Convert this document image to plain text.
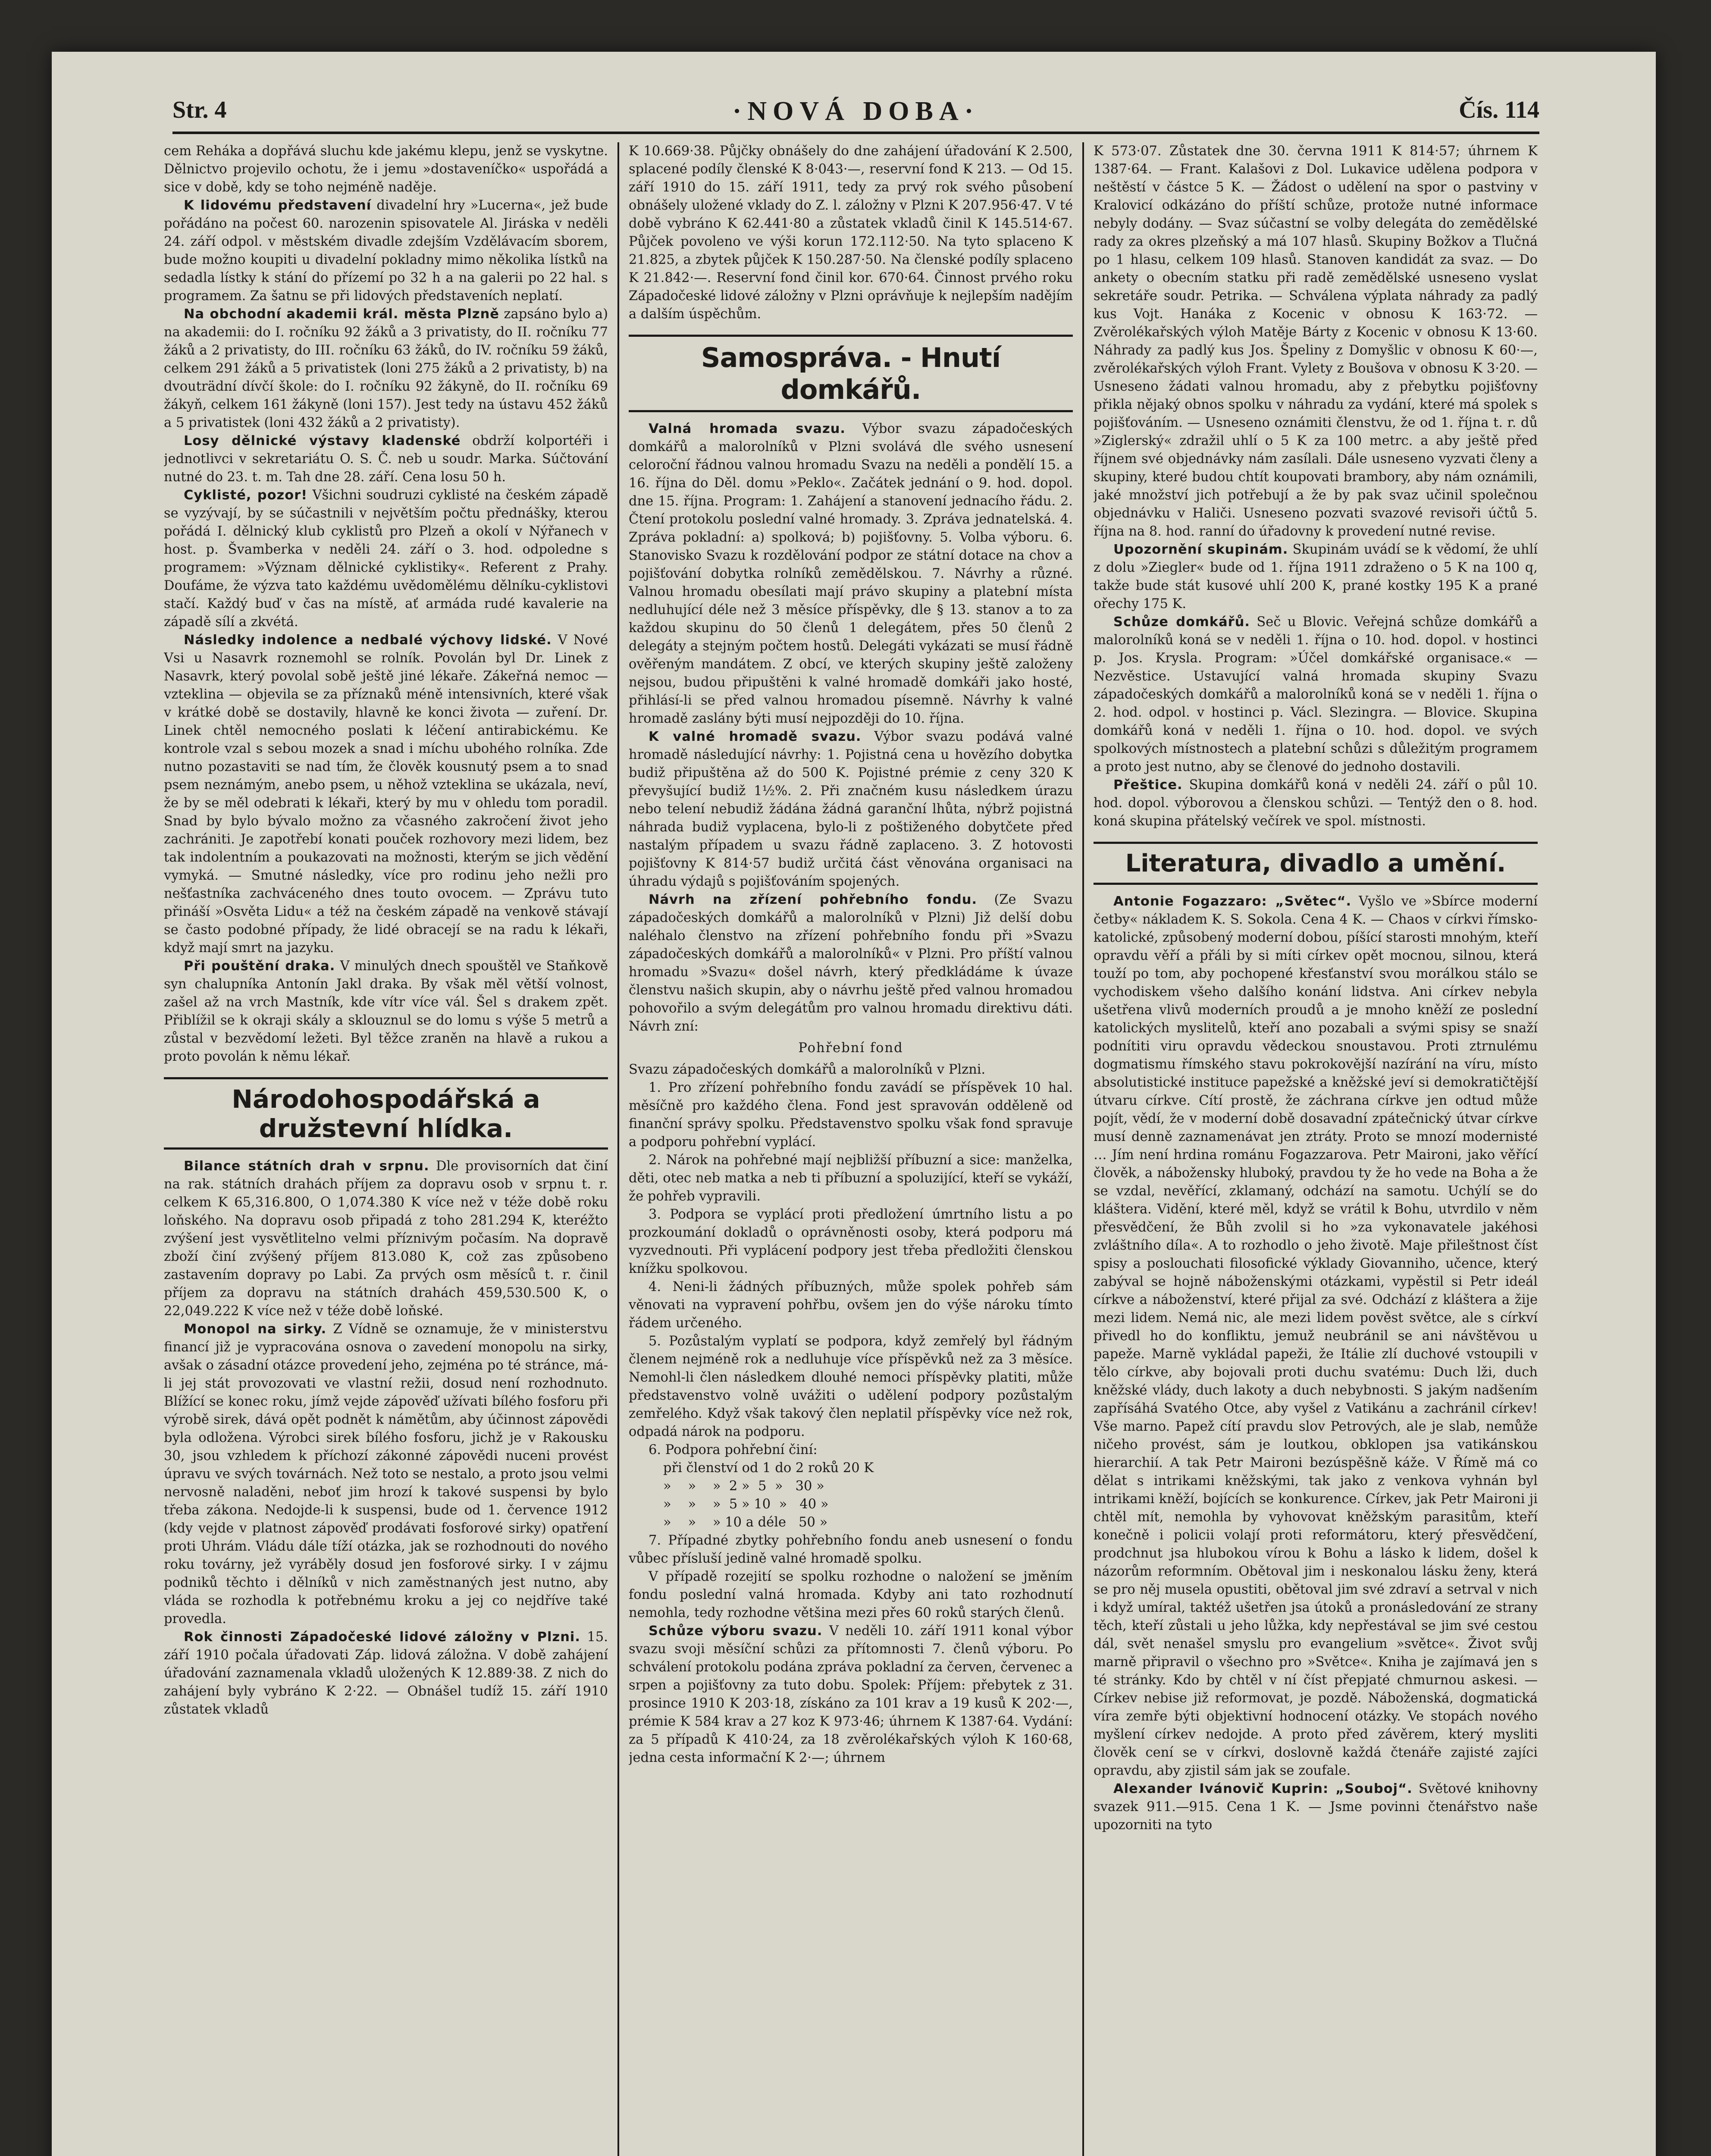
Str. 4	·NOVÁ DOBA·	Čís. 114

cem Reháka a dopřává sluchu kde jakému klepu, jenž se vyskytne. Dělnictvo projevilo ochotu, že i jemu »dostaveníčko« uspořádá a sice v době, kdy se toho nejméně naděje.

K lidovému představení divadelní hry »Lucerna«, jež bude pořádáno na počest 60. narozenin spisovatele Al. Jiráska v neděli 24. září odpol. v městském divadle zdejším Vzdělávacím sborem, bude možno koupiti u divadelní pokladny mimo několika lístků na sedadla lístky k stání do přízemí po 32 h a na galerii po 22 hal. s programem. Za šatnu se při lidových představeních neplatí.

Na obchodní akademii král. města Plzně zapsáno bylo a) na akademii: do I. ročníku 92 žáků a 3 privatisty, do II. ročníku 77 žáků a 2 privatisty, do III. ročníku 63 žáků, do IV. ročníku 59 žáků, celkem 291 žáků a 5 privatistek (loni 275 žáků a 2 privatisty, b) na dvouträdní dívčí škole: do I. ročníku 92 žákyně, do II. ročníku 69 žákyň, celkem 161 žákyně (loni 157). Jest tedy na ústavu 452 žáků a 5 privatistek (loni 432 žáků a 2 privatisty).

Losy dělnické výstavy kladenské obdrží kolportéři i jednotlivci v sekretariátu O. S. Č. neb u soudr. Marka. Súčtování nutné do 23. t. m. Tah dne 28. září. Cena losu 50 h.

Cyklisté, pozor! Všichni soudruzi cyklisté na českém západě se vyzývají, by se súčastnili v největším počtu přednášky, kterou pořádá I. dělnický klub cyklistů pro Plzeň a okolí v Nýřanech v host. p. Švamberka v neděli 24. září o 3. hod. odpoledne s programem: »Význam dělnické cyklistiky«. Referent z Prahy. Doufáme, že výzva tato každému uvědomělému dělníku-cyklistovi stačí. Každý buď v čas na místě, ať armáda rudé kavalerie na západě sílí a zkvétá.

Následky indolence a nedbalé výchovy lidské. V Nové Vsi u Nasavrk roznemohl se rolník. Povolán byl Dr. Linek z Nasavrk, který povolal sobě ještě jiné lékaře. Zákeřná nemoc — vzteklina — objevila se za příznaků méně intensivních, které však v krátké době se dostavily, hlavně ke konci života — zuření. Dr. Linek chtěl nemocného poslati k léčení antirabickému. Ke kontrole vzal s sebou mozek a snad i míchu ubohého rolníka. Zde nutno pozastaviti se nad tím, že člověk kousnutý psem a to snad psem neznámým, anebo psem, u něhož vzteklina se ukázala, neví, že by se měl odebrati k lékaři, který by mu v ohledu tom poradil. Snad by bylo bývalo možno za včasného zakročení život jeho zachrániti. Je zapotřebí konati pouček rozhovory mezi lidem, bez tak indolentním a poukazovati na možnosti, kterým se jich vědění vymyká. — Smutné následky, více pro rodinu jeho nežli pro nešťastníka zachváceného dnes touto ovocem. — Zprávu tuto přináší »Osvěta Lidu« a též na českém západě na venkově stávají se často podobné případy, že lidé obracejí se na radu k lékaři, když mají smrt na jazyku.

Při pouštění draka. V minulých dnech spouštěl ve Staňkově syn chalupníka Antonín Jakl draka. By však měl větší volnost, zašel až na vrch Mastník, kde vítr více vál. Šel s drakem zpět. Přiblížil se k okraji skály a sklouznul se do lomu s výše 5 metrů a zůstal v bezvědomí ležeti. Byl těžce zraněn na hlavě a rukou a proto povolán k němu lékař.

Národohospodářská a družstevní hlídka.

Bilance státních drah v srpnu. Dle provisorních dat činí na rak. státních drahách příjem za dopravu osob v srpnu t. r. celkem K 65,316.800, O 1,074.380 K více než v téže době roku loňského. Na dopravu osob připadá z toho 281.294 K, kteréžto zvýšení jest vysvětlitelno velmi příznivým počasím. Na dopravě zboží činí zvýšený příjem 813.080 K, což zas způsobeno zastavením dopravy po Labi. Za prvých osm měsíců t. r. činil příjem za dopravu na státních drahách 459,530.500 K, o 22,049.222 K více než v téže době loňské.

Monopol na sirky. Z Vídně se oznamuje, že v ministerstvu financí již je vypracována osnova o zavedení monopolu na sirky, avšak o zásadní otázce provedení jeho, zejména po té stránce, má-li jej stát provozovati ve vlastní režii, dosud není rozhodnuto. Blížící se konec roku, jímž vejde zápověď užívati bílého fosforu při výrobě sirek, dává opět podnět k námětům, aby účinnost zápovědi byla odložena. Výrobci sirek bílého fosforu, jichž je v Rakousku 30, jsou vzhledem k příchozí zákonné zápovědi nuceni provést úpravu ve svých továrnách. Než toto se nestalo, a proto jsou velmi nervosně naladěni, neboť jim hrozí k takové suspensi by bylo třeba zákona. Nedojde-li k suspensi, bude od 1. července 1912 (kdy vejde v platnost zápověď prodávati fosforové sirky) opatření proti Uhrám. Vládu dále tíží otázka, jak se rozhodnouti do nového roku továrny, jež vyráběly dosud jen fosforové sirky. I v zájmu podniků těchto i dělníků v nich zaměstnaných jest nutno, aby vláda se rozhodla k potřebnému kroku a jej co nejdříve také provedla.

Rok činnosti Západočeské lidové záložny v Plzni. 15. září 1910 počala úřadovati Záp. lidová záložna. V době zahájení úřadování zaznamenala vkladů uložených K 12.889·38. Z nich do zahájení byly vybráno K 2·22. — Obnášel tudíž 15. září 1910 zůstatek vkladů

K 10.669·38. Půjčky obnášely do dne zahájení úřadování K 2.500, splacené podíly členské K 8·043·—, reservní fond K 213. — Od 15. září 1910 do 15. září 1911, tedy za prvý rok svého působení obnášely uložené vklady do Z. l. záložny v Plzni K 207.956·47. V té době vybráno K 62.441·80 a zůstatek vkladů činil K 145.514·67. Půjček povoleno ve výši korun 172.112·50. Na tyto splaceno K 21.825, a zbytek půjček K 150.287·50. Na členské podíly splaceno K 21.842·—. Reservní fond činil kor. 670·64. Činnost prvého roku Západočeské lidové záložny v Plzni oprávňuje k nejlepším nadějím a dalším úspěchům.

Samospráva. - Hnutí domkářů.

Valná hromada svazu. Výbor svazu západočeských domkářů a malorolníků v Plzni svolává dle svého usnesení celoroční řádnou valnou hromadu Svazu na neděli a pondělí 15. a 16. října do Děl. domu »Peklo«. Začátek jednání o 9. hod. dopol. dne 15. října. Program: 1. Zahájení a stanovení jednacího řádu. 2. Čtení protokolu poslední valné hromady. 3. Zpráva jednatelská. 4. Zpráva pokladní: a) spolková; b) pojišťovny. 5. Volba výboru. 6. Stanovisko Svazu k rozdělování podpor ze státní dotace na chov a pojišťování dobytka rolníků zemědělskou. 7. Návrhy a různé. Valnou hromadu obesílati mají právo skupiny a platební místa nedluhující déle než 3 měsíce příspěvky, dle § 13. stanov a to za každou skupinu do 50 členů 1 delegátem, přes 50 členů 2 delegáty a stejným počtem hostů. Delegáti vykázati se musí řádně ověřeným mandátem. Z obcí, ve kterých skupiny ještě založeny nejsou, budou připuštěni k valné hromadě domkáři jako hosté, přihlásí-li se před valnou hromadou písemně. Návrhy k valné hromadě zaslány býti musí nejpozději do 10. října.

K valné hromadě svazu. Výbor svazu podává valné hromadě následující návrhy: 1. Pojistná cena u hovězího dobytka budiž připuštěna až do 500 K. Pojistné prémie z ceny 320 K převyšující budiž 1½%. 2. Při značném kusu následkem úrazu nebo telení nebudiž žádána žádná garanční lhůta, nýbrž pojistná náhrada budiž vyplacena, bylo-li z poštiženého dobytčete před nastalým případem u svazu řádně zaplaceno. 3. Z hotovosti pojišťovny K 814·57 budiž určitá část věnována organisaci na úhradu výdajů s pojišťováním spojených.

Návrh na zřízení pohřebního fondu. (Ze Svazu západočeských domkářů a malorolníků v Plzni) Již delší dobu naléhalo členstvo na zřízení pohřebního fondu při »Svazu západočeských domkářů a malorolníků« v Plzni. Pro příští valnou hromadu »Svazu« došel návrh, který předkládáme k úvaze členstvu našich skupin, aby o návrhu ještě před valnou hromadou pohovořilo a svým delegátům pro valnou hromadu direktivu dáti. Návrh zní:

Pohřební fond

Svazu západočeských domkářů a malorolníků v Plzni.

1. Pro zřízení pohřebního fondu zavádí se příspěvek 10 hal. měsíčně pro každého člena. Fond jest spravován odděleně od finanční správy spolku. Představenstvo spolku však fond spravuje a podporu pohřební vyplácí.

2. Nárok na pohřebné mají nejbližší příbuzní a sice: manželka, děti, otec neb matka a neb ti příbuzní a spoluzijící, kteří se vykáží, že pohřeb vypravili.

3. Podpora se vyplácí proti předložení úmrtního listu a po prozkoumání dokladů o oprávněnosti osoby, která podporu má vyzvednouti. Při vyplácení podpory jest třeba předložiti členskou knížku spolkovou.

4. Neni-li žádných příbuzných, může spolek pohřeb sám věnovati na vypravení pohřbu, ovšem jen do výše nároku tímto řádem určeného.

5. Pozůstalým vyplatí se podpora, když zemřelý byl řádným členem nejméně rok a nedluhuje více příspěvků než za 3 měsíce. Nemohl-li člen následkem dlouhé nemoci příspěvky platiti, může představenstvo volně uvážiti o udělení podpory pozůstalým zemřelého. Když však takový člen neplatil příspěvky více než rok, odpadá nárok na podporu.

6. Podpora pohřební činí:

při členství od 1 do 2 roků 20 K

»    »    »  2 »  5  »   30 »

»    »    »  5 » 10  »   40 »

»    »    » 10 a déle   50 »

7. Případné zbytky pohřebního fondu aneb usnesení o fondu vůbec přísluší jedině valné hromadě spolku.

V případě rozejití se spolku rozhodne o naložení se jměním fondu poslední valná hromada. Kdyby ani tato rozhodnutí nemohla, tedy rozhodne většina mezi přes 60 roků starých členů.

Schůze výboru svazu. V neděli 10. září 1911 konal výbor svazu svoji měsíční schůzi za přítomnosti 7. členů výboru. Po schválení protokolu podána zpráva pokladní za červen, červenec a srpen a pojišťovny za tuto dobu. Spolek: Příjem: přebytek z 31. prosince 1910 K 203·18, získáno za 101 krav a 19 kusů K 202·—, prémie K 584 krav a 27 koz K 973·46; úhrnem K 1387·64. Vydání: za 5 případů K 410·24, za 18 zvěrolékařských výloh K 160·68, jedna cesta informační K 2·—; úhrnem

K 573·07. Zůstatek dne 30. června 1911 K 814·57; úhrnem K 1387·64. — Frant. Kalašovi z Dol. Lukavice udělena podpora v neštěstí v částce 5 K. — Žádost o udělení na spor o pastviny v Kralovicí odkázáno do příští schůze, protože nutné informace nebyly dodány. — Svaz súčastní se volby delegáta do zemědělské rady za okres plzeňský a má 107 hlasů. Skupiny Božkov a Tlučná po 1 hlasu, celkem 109 hlasů. Stanoven kandidát za svaz. — Do ankety o obecním statku při radě zemědělské usneseno vyslat sekretáře soudr. Petrika. — Schválena výplata náhrady za padlý kus Vojt. Hanáka z Kocenic v obnosu K 163·72. — Zvěrolékařských výloh Matěje Bárty z Kocenic v obnosu K 13·60. Náhrady za padlý kus Jos. Špeliny z Domyšlic v obnosu K 60·—, zvěrolékařských výloh Frant. Vylety z Boušova v obnosu K 3·20. — Usneseno žádati valnou hromadu, aby z přebytku pojišťovny přikla nějaký obnos spolku v náhradu za vydání, které má spolek s pojišťováním. — Usneseno oznámiti členstvu, že od 1. října t. r. dů »Ziglerský« zdražil uhlí o 5 K za 100 metrc. a aby ještě před říjnem své objednávky nám zasílali. Dále usneseno vyzvati členy a skupiny, které budou chtít koupovati brambory, aby nám oznámili, jaké množství jich potřebují a že by pak svaz učinil společnou objednávku v Haliči. Usneseno pozvati svazové revisoři účtů 5. října na 8. hod. ranní do úřadovny k provedení nutné revise.

Upozornění skupinám. Skupinám uvádí se k vědomí, že uhlí z dolu »Ziegler« bude od 1. října 1911 zdraženo o 5 K na 100 q, takže bude stát kusové uhlí 200 K, prané kostky 195 K a prané ořechy 175 K.

Schůze domkářů. Seč u Blovic. Veřejná schůze domkářů a malorolníků koná se v neděli 1. října o 10. hod. dopol. v hostinci p. Jos. Krysla. Program: »Účel domkářské organisace.« — Nezvěstice. Ustavující valná hromada skupiny Svazu západočeských domkářů a malorolníků koná se v neděli 1. října o 2. hod. odpol. v hostinci p. Václ. Slezingra. — Blovice. Skupina domkářů koná v neděli 1. října o 10. hod. dopol. ve svých spolkových místnostech a platební schůzi s důležitým programem a proto jest nutno, aby se členové do jednoho dostavili.

Přeštice. Skupina domkářů koná v neděli 24. září o půl 10. hod. dopol. výborovou a členskou schůzi. — Tentýž den o 8. hod. koná skupina přátelský večírek ve spol. místnosti.

Literatura, divadlo a umění.

Antonie Fogazzaro: „Světec“. Vyšlo ve »Sbírce moderní četby« nákladem K. S. Sokola. Cena 4 K. — Chaos v církvi římsko-katolické, způsobený moderní dobou, píšící starosti mnohým, kteří opravdu věří a přáli by si míti církev opět mocnou, silnou, která touží po tom, aby pochopené křesťanství svou morálkou stálo se vychodiskem všeho dalšího konání lidstva. Ani církev nebyla ušetřena vlivů moderních proudů a je mnoho kněží ze poslední katolických myslitelů, kteří ano pozabali a svými spisy se snaží podnítiti viru opravdu vědeckou snoustavou. Proti ztrnulému dogmatismu římského stavu pokrokovější nazírání na víru, místo absolutistické instituce papežské a kněžské jeví si demokratičtější útvaru církve. Cítí prostě, že záchrana církve jen odtud může pojít, vědí, že v moderní době dosavadní zpátečnický útvar církve musí denně zaznamenávat jen ztráty. Proto se mnozí modernisté … Jím není hrdina románu Fogazzarova. Petr Maironi, jako věřící člověk, a nábožensky hluboký, pravdou ty že ho vede na Boha a že se vzdal, nevěřící, zklamaný, odchází na samotu. Uchýlí se do kláštera. Vidění, které měl, když se vrátil k Bohu, utvrdilo v něm přesvědčení, že Bůh zvolil si ho »za vykonavatele jakéhosi zvláštního díla«. A to rozhodlo o jeho životě. Maje přileštnost číst spisy a poslouchati filosofické výklady Giovanniho, učence, který zabýval se hojně náboženskými otázkami, vypěstil si Petr ideál církve a náboženství, které přijal za své. Odchází z kláštera a žije mezi lidem. Nemá nic, ale mezi lidem pověst světce, ale s církví přivedl ho do konfliktu, jemuž neubránil se ani návštěvou u papeže. Marně vykládal papeži, že Itálie zlí duchové vstoupili v tělo církve, aby bojovali proti duchu svatému: Duch lži, duch kněžské vlády, duch lakoty a duch nebybnosti. S jakým nadšením zapřísáhá Svatého Otce, aby vyšel z Vatikánu a zachránil církev! Vše marno. Papež cítí pravdu slov Petrových, ale je slab, nemůže ničeho provést, sám je loutkou, obklopen jsa vatikánskou hierarchií. A tak Petr Maironi bezúspěšně káže. V Římě má co dělat s intrikami kněžskými, tak jako z venkova vyhnán byl intrikami kněží, bojících se konkurence. Církev, jak Petr Maironi ji chtěl mít, nemohla by vyhovovat kněžským parasitům, kteří konečně i policii volají proti reformátoru, který přesvědčení, prodchnut jsa hlubokou vírou k Bohu a lásko k lidem, došel k názorům reformním. Obětoval jim i neskonalou lásku ženy, která se pro něj musela opustiti, obětoval jim své zdraví a setrval v nich i když umíral, taktéž ušetřen jsa útoků a pronásledování ze strany těch, kteří zůstali u jeho lůžka, kdy nepřestával se jim své cestou dál, svět nenašel smyslu pro evangelium »světce«. Život svůj marně připravil o všechno pro »Světce«. Kniha je zajímavá jen s té stránky. Kdo by chtěl v ní číst přepjaté chmurnou askesi. — Církev nebise již reformovat, je pozdě. Náboženská, dogmatická víra zemře býti objektivní hodnocení otázky. Ve stopách nového myšlení církev nedojde. A proto před závěrem, který mysliti člověk cení se v církvi, doslovně každá čtenáře zajisté zajíci opravdu, aby zjistil sám jak se zoufale.

Alexander Ivánovič Kuprin: „Souboj“. Světové knihovny svazek 911.—915. Cena 1 K. — Jsme povinni čtenářstvo naše upozorniti na tyto
